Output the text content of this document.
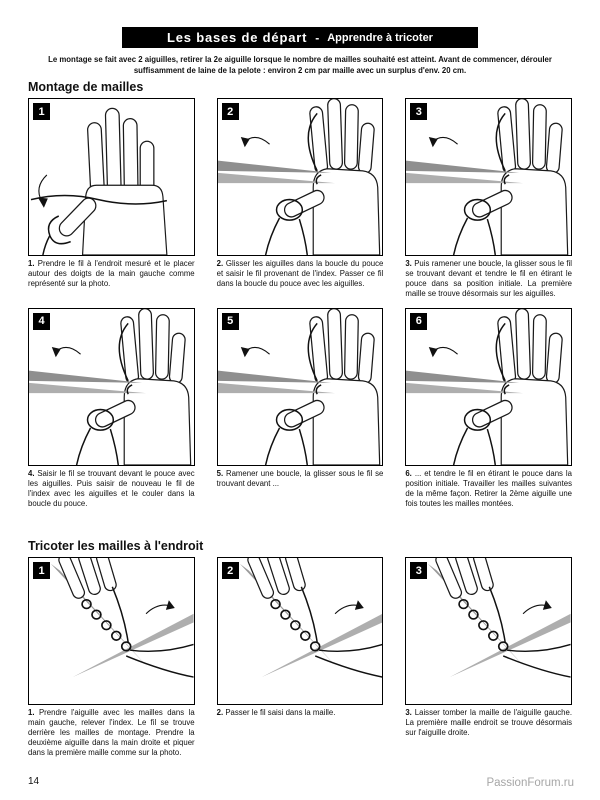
Les bases de départ - Apprendre à tricoter

Le montage se fait avec 2 aiguilles, retirer la 2e aiguille lorsque le nombre de mailles souhaité est atteint. Avant de commencer, dérouler suffisamment de laine de la pelote : environ 2 cm par maille avec un surplus d'env. 20 cm.

Montage de mailles
1
1. Prendre le fil à l'endroit mesuré et le placer autour des doigts de la main gauche comme représenté sur la photo.
2
2. Glisser les aiguilles dans la boucle du pouce et saisir le fil provenant de l'index. Passer ce fil dans la boucle du pouce avec les aiguilles.
3
3. Puis ramener une boucle, la glisser sous le fil se trouvant devant et tendre le fil en étirant le pouce dans sa position initiale. La première maille se trouve désormais sur les aiguilles.
4
4. Saisir le fil se trouvant devant le pouce avec les aiguilles. Puis saisir de nouveau le fil de l'index avec les aiguilles et le couler dans la boucle du pouce.
5
5. Ramener une boucle, la glisser sous le fil se trouvant devant ...
6
6. ... et tendre le fil en étirant le pouce dans la position initiale. Travailler les mailles suivantes de la même façon. Retirer la 2ème aiguille une fois toutes les mailles montées.
Tricoter les mailles à l'endroit
1
1. Prendre l'aiguille avec les mailles dans la main gauche, relever l'index. Le fil se trouve derrière les mailles de montage. Prendre la deuxième aiguille dans la main droite et piquer dans la première maille comme sur la photo.
2
2. Passer le fil saisi dans la maille.
3
3. Laisser tomber la maille de l'aiguille gauche. La première maille endroit se trouve désormais sur l'aiguille droite.
14	PassionForum.ru
